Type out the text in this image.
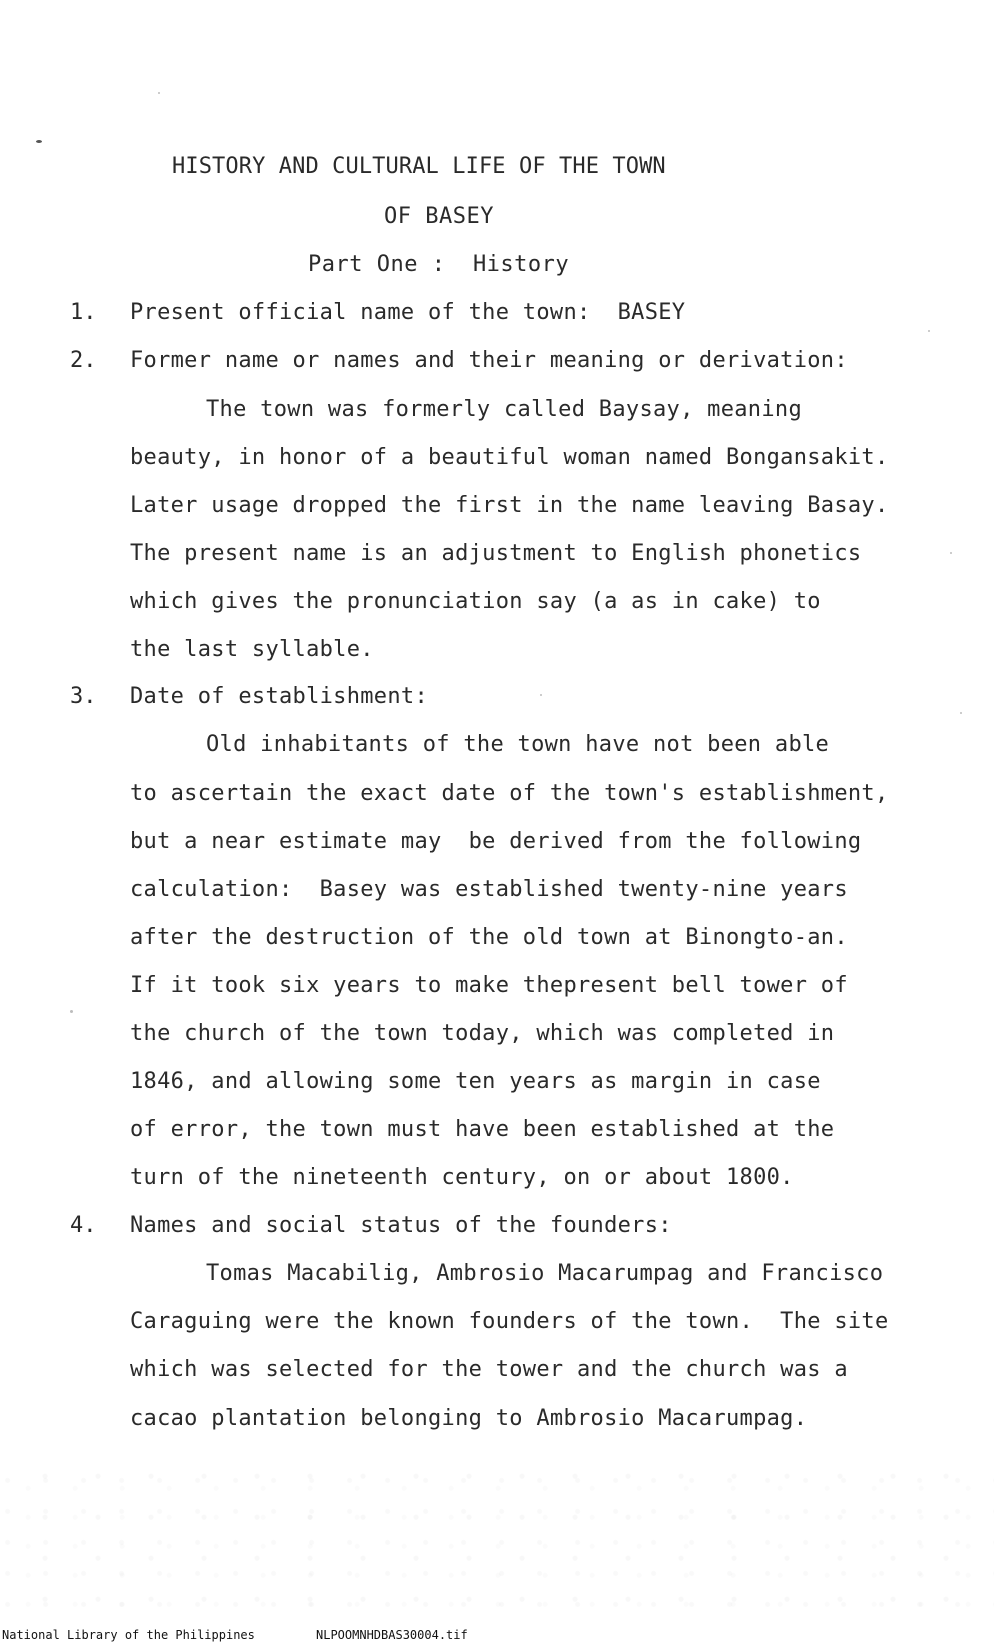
HISTORY AND CULTURAL LIFE OF THE TOWN
OF BASEY
Part One :  History
1. Present official name of the town:  BASEY
2. Former name or names and their meaning or derivation:
The town was formerly called Baysay, meaning
beauty, in honor of a beautiful woman named Bongansakit.
Later usage dropped the first in the name leaving Basay.
The present name is an adjustment to English phonetics
which gives the pronunciation say (a as in cake) to
the last syllable.
3. Date of establishment:
Old inhabitants of the town have not been able
to ascertain the exact date of the town's establishment,
but a near estimate may  be derived from the following
calculation:  Basey was established twenty-nine years
after the destruction of the old town at Binongto-an.
If it took six years to make thepresent bell tower of
the church of the town today, which was completed in
1846, and allowing some ten years as margin in case
of error, the town must have been established at the
turn of the nineteenth century, on or about 1800.
4. Names and social status of the founders:
Tomas Macabilig, Ambrosio Macarumpag and Francisco
Caraguing were the known founders of the town.  The site
which was selected for the tower and the church was a
cacao plantation belonging to Ambrosio Macarumpag.
National Library of the Philippines	NLPOOMNHDBAS30004.tif
